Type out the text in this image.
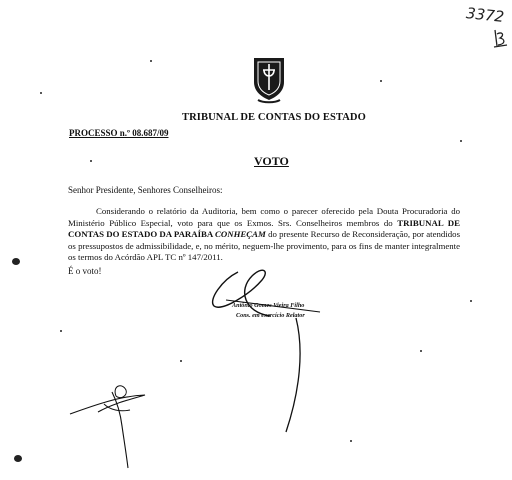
3372
TRIBUNAL DE CONTAS DO ESTADO
PROCESSO n.º 08.687/09
VOTO
Senhor Presidente, Senhores Conselheiros:
Considerando o relatório da Auditoria, bem como o parecer oferecido pela Douta Procuradoria do Ministério Público Especial, voto para que os Exmos. Srs. Conselheiros membros do TRIBUNAL DE CONTAS DO ESTADO DA PARAÍBA CONHEÇAM do presente Recurso de Reconsideração, por atendidos os pressupostos de admissibilidade, e, no mérito, neguem-lhe provimento, para os fins de manter integralmente os termos do Acórdão APL TC nº 147/2011.
É o voto!
Antônio Gomes Vieira Filho
Cons. em exercício Relator
